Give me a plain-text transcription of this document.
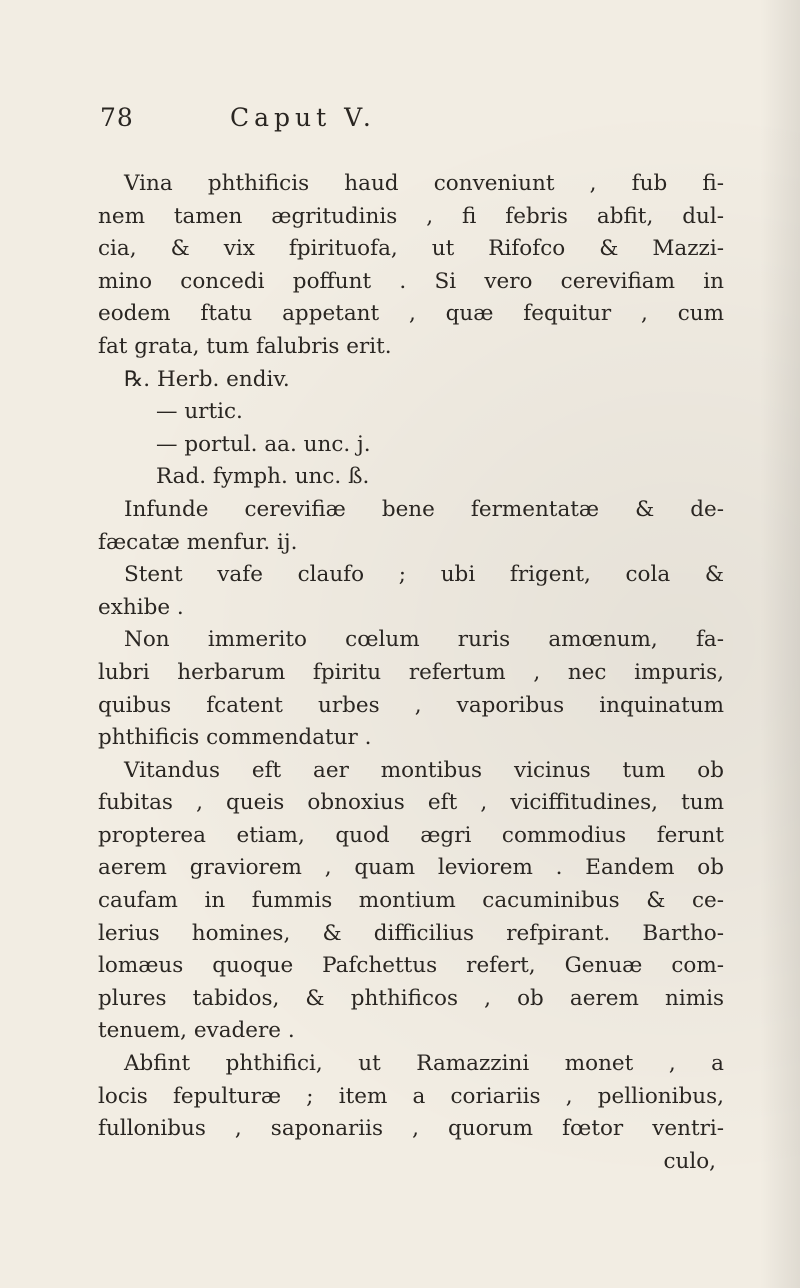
78	Caput V.
Vina phthificis haud conveniunt , fub fi-
nem tamen ægritudinis , fi febris abfit, dul-
cia, & vix fpirituofa, ut Rifofco & Mazzi-
mino concedi poffunt . Si vero cerevifiam in
eodem ftatu appetant , quæ fequitur , cum
fat grata, tum falubris erit.
℞. Herb. endiv.
— urtic.
— portul. aa. unc. j.
Rad. fymph. unc. ß.
Infunde cerevifiæ bene fermentatæ & de-
fæcatæ menfur. ij.
Stent vafe claufo ; ubi frigent, cola &
exhibe .
Non immerito cœlum ruris amœnum, fa-
lubri herbarum fpiritu refertum , nec impuris,
quibus fcatent urbes , vaporibus inquinatum
phthificis commendatur .
Vitandus eft aer montibus vicinus tum ob
fubitas , queis obnoxius eft , viciffitudines, tum
propterea etiam, quod ægri commodius ferunt
aerem graviorem , quam leviorem . Eandem ob
caufam in fummis montium cacuminibus & ce-
lerius homines, & difficilius refpirant. Bartho-
lomæus quoque Pafchettus refert, Genuæ com-
plures tabidos, & phthificos , ob aerem nimis
tenuem, evadere .
Abfint phthifici, ut Ramazzini monet , a
locis fepulturæ ; item a coriariis , pellionibus,
fullonibus , saponariis , quorum fœtor ventri-
culo,
